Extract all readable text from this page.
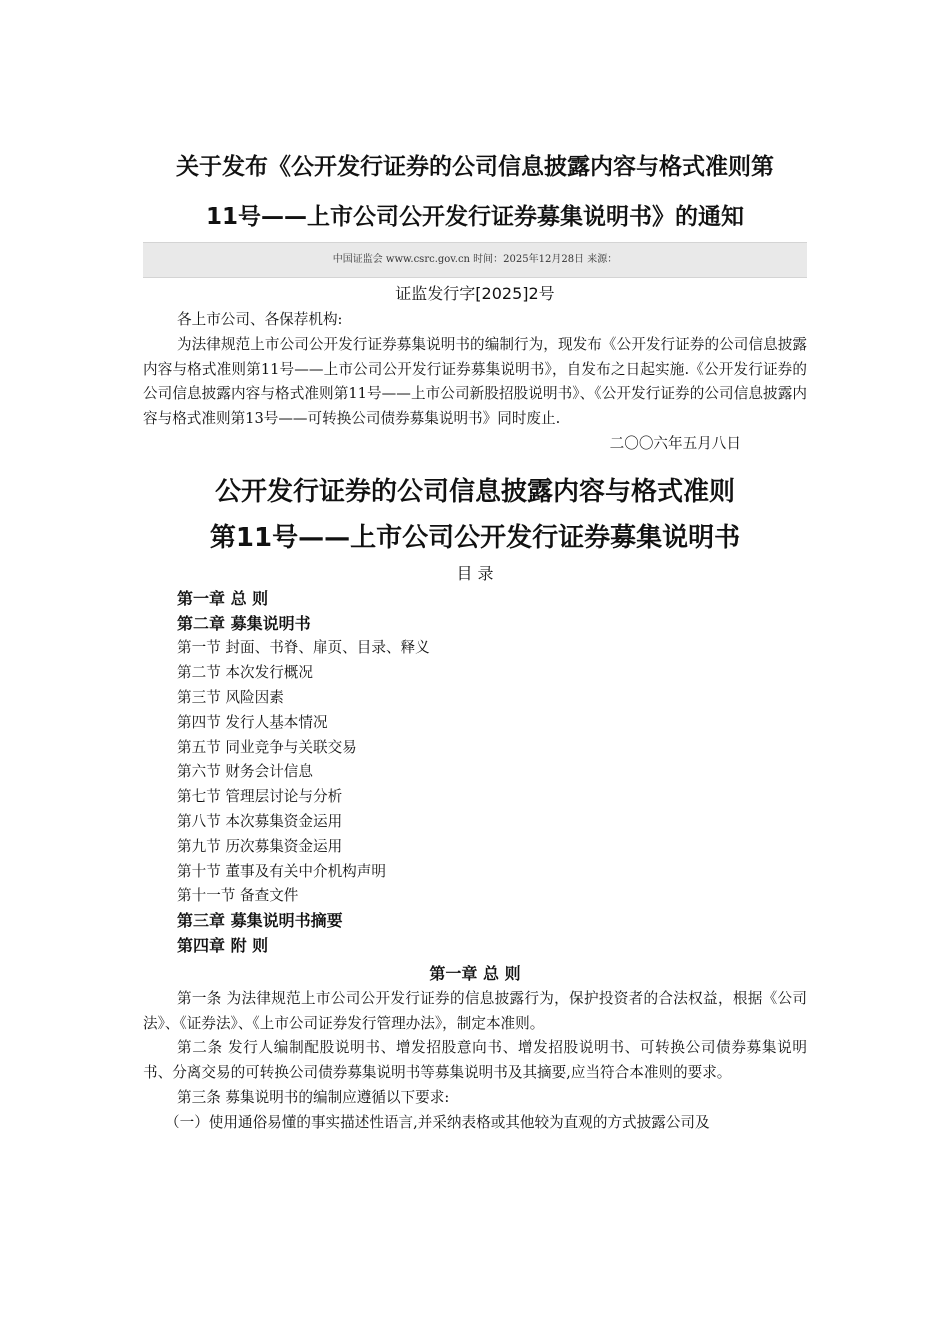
关于发布《公开发行证券的公司信息披露内容与格式准则第
11号——上市公司公开发行证券募集说明书》的通知
中国证监会 www.csrc.gov.cn 时间：2025年12月28日 来源：
证监发行字[2025]2号

各上市公司、各保荐机构:

为法律规范上市公司公开发行证券募集说明书的编制行为，现发布《公开发行证券的公司信息披露内容与格式准则第11号——上市公司公开发行证券募集说明书》，自发布之日起实施.《公开发行证券的公司信息披露内容与格式准则第11号——上市公司新股招股说明书》、《公开发行证券的公司信息披露内容与格式准则第13号——可转换公司债券募集说明书》同时废止.

二〇〇六年五月八日

公开发行证券的公司信息披露内容与格式准则
第11号——上市公司公开发行证券募集说明书
目 录
第一章 总 则
第二章 募集说明书
第一节 封面、书脊、扉页、目录、释义
第二节 本次发行概况
第三节 风险因素
第四节 发行人基本情况
第五节 同业竞争与关联交易
第六节 财务会计信息
第七节 管理层讨论与分析
第八节 本次募集资金运用
第九节 历次募集资金运用
第十节 董事及有关中介机构声明
第十一节 备查文件
第三章 募集说明书摘要
第四章 附 则
第一章 总 则

第一条 为法律规范上市公司公开发行证券的信息披露行为，保护投资者的合法权益，根据《公司法》、《证券法》、《上市公司证券发行管理办法》，制定本准则。

第二条 发行人编制配股说明书、增发招股意向书、增发招股说明书、可转换公司债券募集说明书、分离交易的可转换公司债券募集说明书等募集说明书及其摘要,应当符合本准则的要求。

第三条 募集说明书的编制应遵循以下要求:

（一）使用通俗易懂的事实描述性语言,并采纳表格或其他较为直观的方式披露公司及
